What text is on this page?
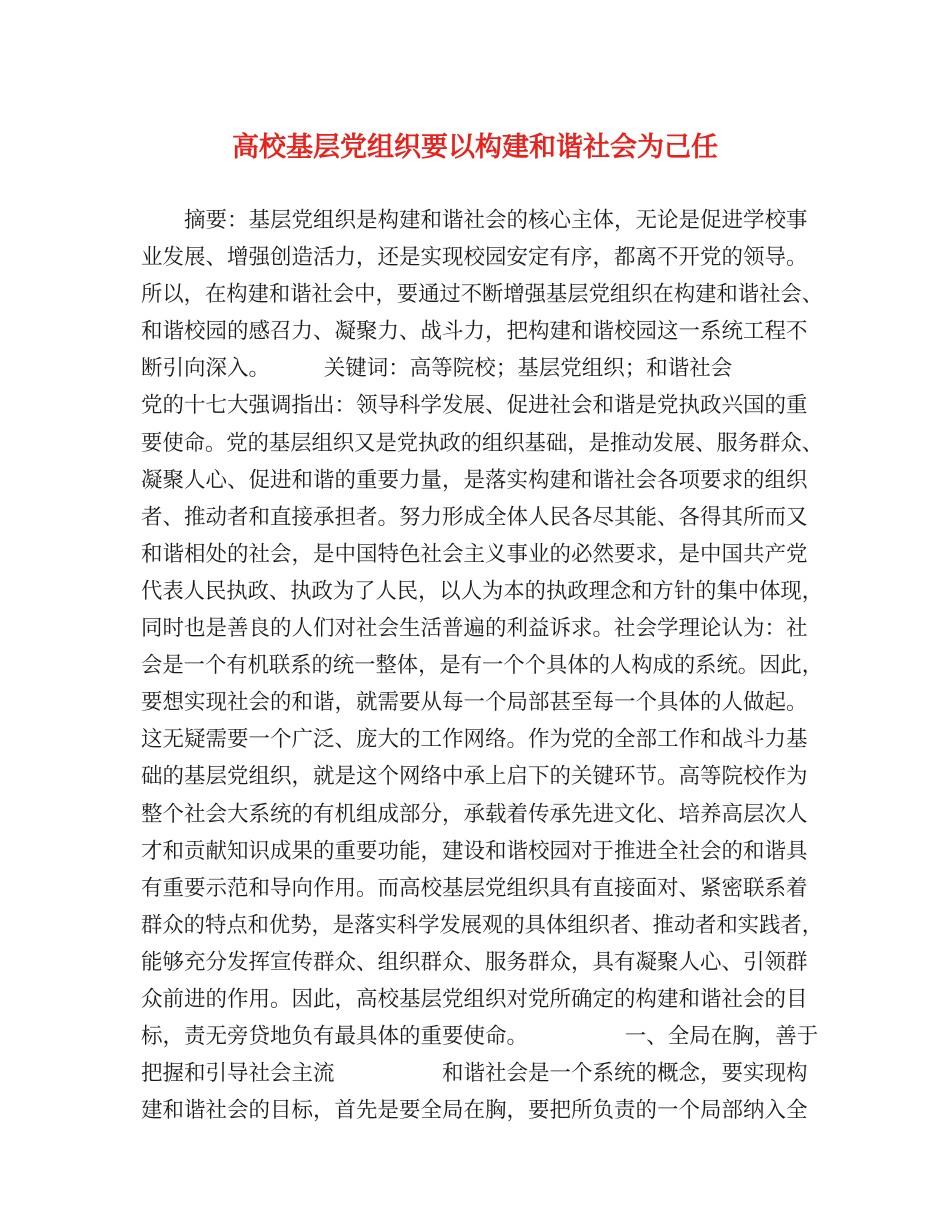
高校基层党组织要以构建和谐社会为己任
摘要：基层党组织是构建和谐社会的核心主体，无论是促进学校事
业发展、增强创造活力，还是实现校园安定有序，都离不开党的领导。
所以，在构建和谐社会中，要通过不断增强基层党组织在构建和谐社会、
和谐校园的感召力、凝聚力、战斗力，把构建和谐校园这一系统工程不
断引向深入。　　　关键词：高等院校；基层党组织；和谐社会
党的十七大强调指出：领导科学发展、促进社会和谐是党执政兴国的重
要使命。党的基层组织又是党执政的组织基础，是推动发展、服务群众、
凝聚人心、促进和谐的重要力量，是落实构建和谐社会各项要求的组织
者、推动者和直接承担者。努力形成全体人民各尽其能、各得其所而又
和谐相处的社会，是中国特色社会主义事业的必然要求，是中国共产党
代表人民执政、执政为了人民，以人为本的执政理念和方针的集中体现，
同时也是善良的人们对社会生活普遍的利益诉求。社会学理论认为：社
会是一个有机联系的统一整体，是有一个个具体的人构成的系统。因此，
要想实现社会的和谐，就需要从每一个局部甚至每一个具体的人做起。
这无疑需要一个广泛、庞大的工作网络。作为党的全部工作和战斗力基
础的基层党组织，就是这个网络中承上启下的关键环节。高等院校作为
整个社会大系统的有机组成部分，承载着传承先进文化、培养高层次人
才和贡献知识成果的重要功能，建设和谐校园对于推进全社会的和谐具
有重要示范和导向作用。而高校基层党组织具有直接面对、紧密联系着
群众的特点和优势，是落实科学发展观的具体组织者、推动者和实践者，
能够充分发挥宣传群众、组织群众、服务群众，具有凝聚人心、引领群
众前进的作用。因此，高校基层党组织对党所确定的构建和谐社会的目
标，责无旁贷地负有最具体的重要使命。　　　　　一、全局在胸，善于
把握和引导社会主流　　　　　和谐社会是一个系统的概念，要实现构
建和谐社会的目标，首先是要全局在胸，要把所负责的一个局部纳入全
